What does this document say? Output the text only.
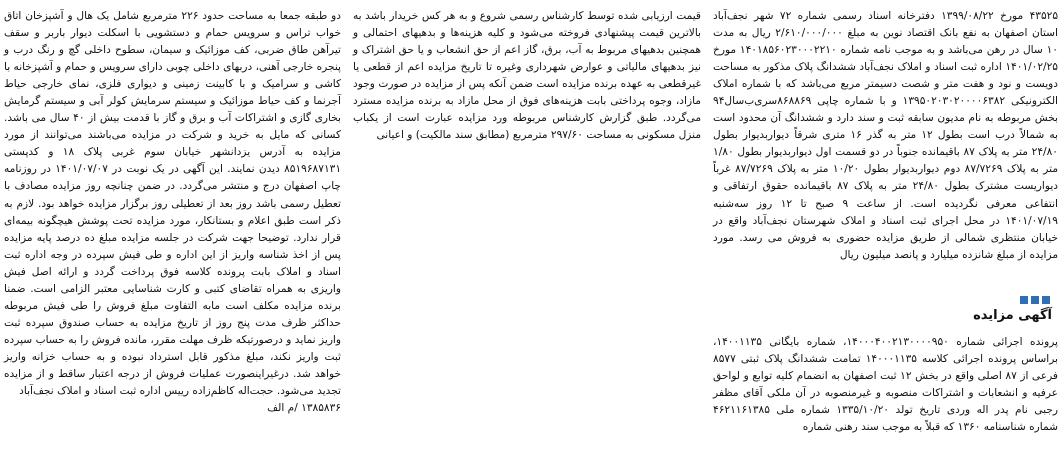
۴۳۵۲۵ مورخ ۱۳۹۹/۰۸/۲۲ دفترخانه اسناد رسمی شماره ۷۲ شهر نجف‌آباد استان اصفهان به نفع بانک اقتصاد نوین به مبلغ ۲/۶۱۰/۰۰۰/۰۰۰ ریال به مدت ۱۰ سال در رهن می‌باشد و به موجب نامه شماره ۱۴۰۱۸۵۶۰۲۳۰۰۰۲۲۱۰ مورخ ۱۴۰۱/۰۲/۲۵ اداره ثبت اسناد و املاک نجف‌آباد ششدانگ پلاک مذکور به مساحت دویست و نود و هفت متر و شصت دسیمتر مربع می‌باشد که با شماره املاک الکترونیکی ۱۳۹۵۰۲۰۳۰۲۰۰۰۰۶۳۸۲ و با شماره چاپی ۸۶۸۸۶۹سری‌ب‌سال۹۴ بخش مربوطه به نام مدیون سابقه ثبت و سند دارد و ششدانگ آن محدود است به شمالاً درب است بطول ۱۲ متر به گذر ۱۶ متری شرقاً دیواربدیوار بطول ۲۴/۸۰ متر به پلاک ۸۷ باقیمانده جنوباً در دو قسمت اول دیواربدیوار بطول ۱/۸۰ متر به پلاک ۸۷/۷۲۶۹ دوم دیواربدیوار بطول ۱۰/۲۰ متر به پلاک ۸۷/۷۲۶۹ غرباً دیواریست مشترک بطول ۲۴/۸۰ متر به پلاک ۸۷ باقیمانده حقوق ارتفاقی و انتفاعی معرفی نگردیده است. از ساعت ۹ صبح تا ۱۲ روز سه‌شنبه ۱۴۰۱/۰۷/۱۹ در محل اجرای ثبت اسناد و املاک شهرستان نجف‌آباد واقع در خیابان منتظری شمالی از طریق مزایده حضوری به فروش می رسد. مورد مزایده از مبلغ شانزده میلیارد و پانصد میلیون ریال

آگهی مزایده

پرونده اجرائی شماره ۱۴۰۰۰۴۰۰۲۱۳۰۰۰۰۹۵۰، شماره بایگانی ۱۴۰۰۱۱۳۵، براساس پرونده اجرائی کلاسه ۱۴۰۰۰۱۱۳۵ تمامت ششدانگ پلاک ثبتی ۸۵۷۷ فرعی از ۸۷ اصلی واقع در بخش ۱۲ ثبت اصفهان به انضمام کلیه توابع و لواحق عرفیه و انشعابات و اشتراکات منصوبه و غیرمنصوبه در آن ملکی آقای مظفر رجبی نام پدر اله وردی تاریخ تولد ۱۳۳۵/۱۰/۲۰ شماره ملی ۴۶۲۱۱۶۱۳۸۵ شماره شناسنامه ۱۳۶۰ که قبلاً به موجب سند رهنی شماره

قیمت ارزیابی شده توسط کارشناس رسمی شروع و به هر کس خریدار باشد به بالاترین قیمت پیشنهادی فروخته می‌شود و کلیه هزینه‌ها و بدهیهای احتمالی و همچنین بدهیهای مربوط به آب، برق، گاز اعم از حق انشعاب و یا حق اشتراک و نیز بدهیهای مالیاتی و عوارض شهرداری وغیره تا تاریخ مزایده اعم از قطعی یا غیرقطعی به عهده برنده مزایده است ضمن آنکه پس از مزایده در صورت وجود مازاد، وجوه پرداختی بابت هزینه‌های فوق از محل مازاد به برنده مزایده مسترد می‌گردد. طبق گزارش کارشناس مربوطه ورد مزایده عبارت است از یکباب منزل مسکونی به مساحت ۲۹۷/۶۰ مترمربع (مطابق سند مالکیت) و اعیانی

دو طبقه جمعا به مساحت حدود ۲۲۶ مترمربع شامل یک هال و آشپزخان اتاق خواب تراس و سرویس حمام و دستشویی با اسکلت دیوار باربر و سقف تیرآهن طاق ضربی، کف موزائیک و سیمان، سطوح داخلی گچ و رنگ درب و پنجره خارجی آهنی، دربهای داخلی چوبی دارای سرویس و حمام و آشپزخانه با کاشی و سرامیک و با کابینت زمینی و دیواری فلزی، نمای خارجی حیاط آجرنما و کف حیاط موزائیک و سیستم سرمایش کولر آبی و سیستم گرمایش بخاری گازی و اشتراکات آب و برق و گاز با قدمت بیش از ۴۰ سال می باشد. کسانی که مایل به خرید و شرکت در مزایده می‌باشند می‌توانند از مورد مزایده به آدرس یزدانشهر خیابان سوم غربی پلاک ۱۸ و کدپستی ۸۵۱۹۶۸۷۱۳۱ دیدن نمایند. این آگهی در یک نوبت در ۱۴۰۱/۰۷/۰۷ در روزنامه چاپ اصفهان درج و منتشر می‌گردد. در ضمن چنانچه روز مزایده مصادف با تعطیل رسمی باشد روز بعد از تعطیلی روز برگزار مزایده خواهد بود. لازم به ذکر است طبق اعلام و بستانکار، مورد مزایده تحت پوشش هیچگونه بیمه‌ای قرار ندارد. توضیحا جهت شرکت در جلسه مزایده مبلغ ده درصد پایه مزایده پس از اخذ شناسه واریز از این اداره و طی فیش سپرده در وجه اداره ثبت اسناد و املاک بابت پرونده کلاسه فوق پرداخت گردد و ارائه اصل فیش واریزی به همراه تقاضای کتبی و کارت شناسایی معتبر الزامی است. ضمنا برنده مزایده مکلف است مابه التفاوت مبلغ فروش را طی فیش مربوطه حداکثر ظرف مدت پنج روز از تاریخ مزایده به حساب صندوق سپرده ثبت واریز نماید و درصورتیکه ظرف مهلت مقرر، مانده فروش را به حساب سپرده ثبت واریز نکند، مبلغ مذکور قابل استرداد نبوده و به حساب خزانه واریز خواهد شد. درغیراینصورت عملیات فروش از درجه اعتبار ساقط و از مزایده تجدید می‌شود. حجت‌اله کاظم‌زاده رییس اداره ثبت اسناد و املاک نجف‌آباد

۱۳۸۵۸۳۶ /م الف
